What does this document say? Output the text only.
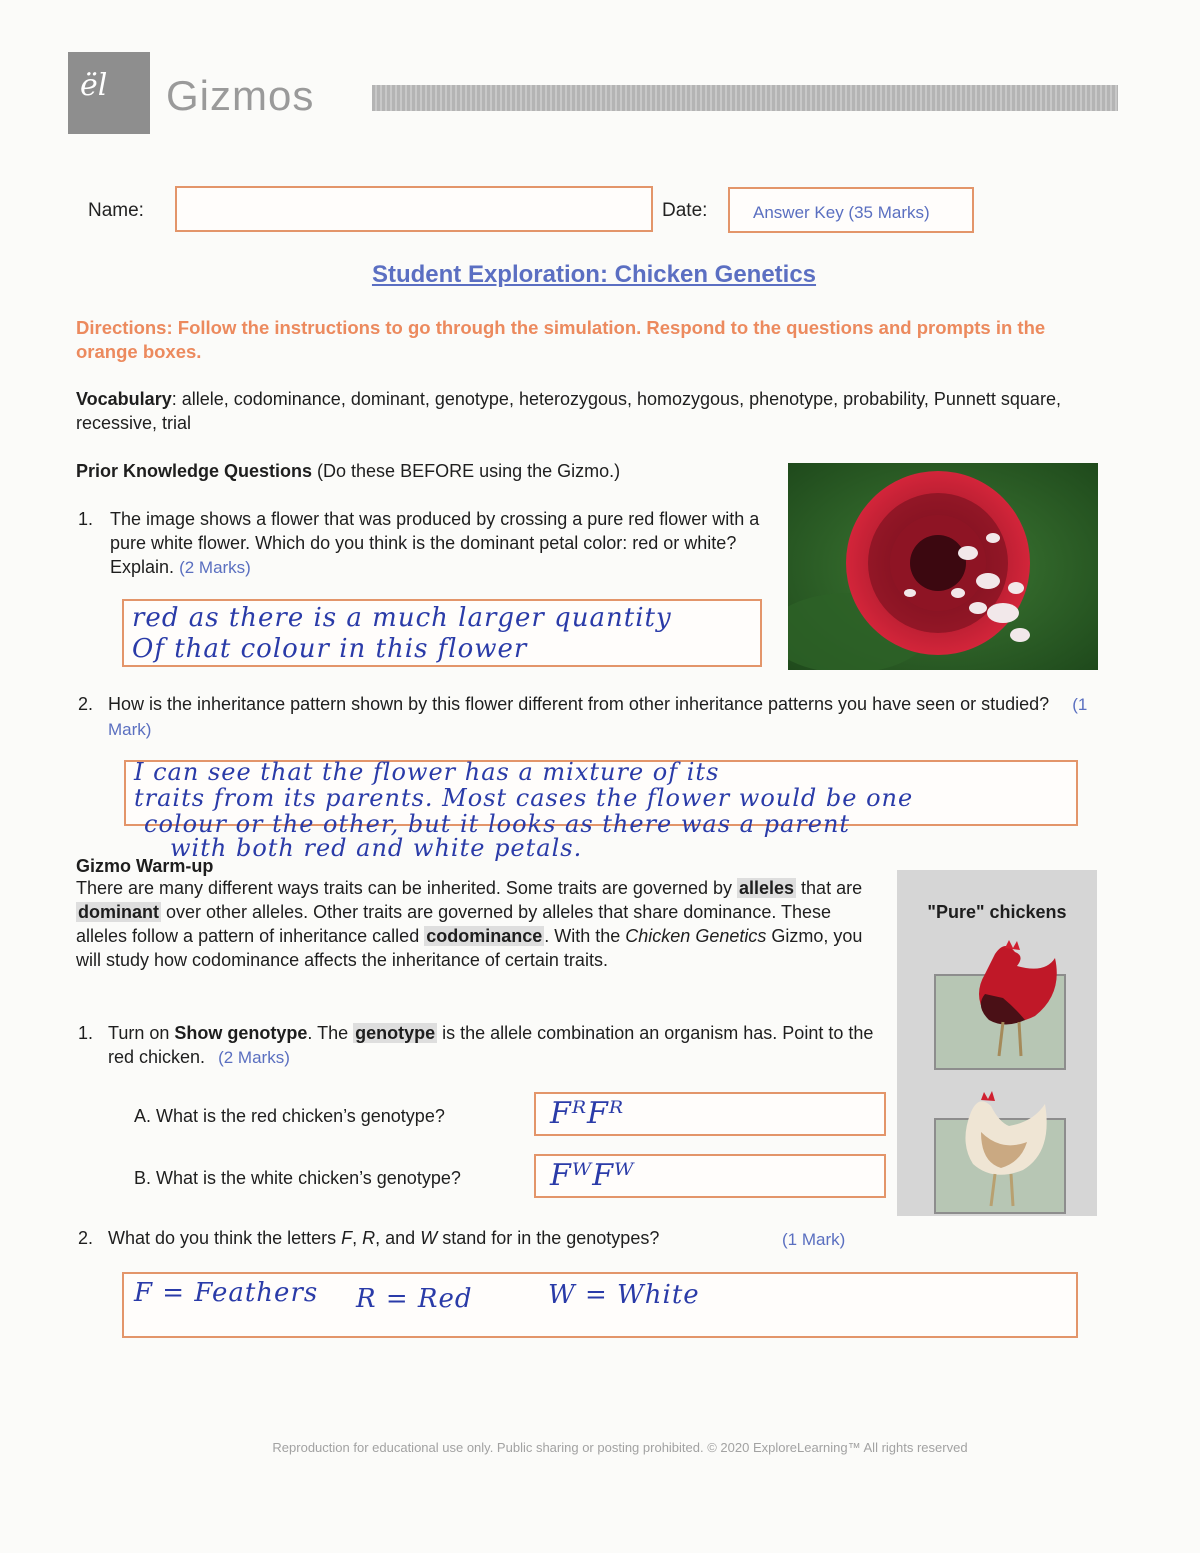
ël Gizmos
Name:	Date:	Answer Key (35 Marks)
Student Exploration: Chicken Genetics
Directions: Follow the instructions to go through the simulation. Respond to the questions and prompts in the orange boxes.
Vocabulary: allele, codominance, dominant, genotype, heterozygous, homozygous, phenotype, probability, Punnett square, recessive, trial
Prior Knowledge Questions (Do these BEFORE using the Gizmo.)
1. The image shows a flower that was produced by crossing a pure red flower with a pure white flower. Which do you think is the dominant petal color: red or white? Explain. (2 Marks)
red as there is a much larger quantity
Of that colour in this flower
2. How is the inheritance pattern shown by this flower different from other inheritance patterns you have seen or studied? (1 Mark)
I can see that the flower has a mixture of its
traits from its parents. Most cases the flower would be one
colour or the other, but it looks as there was a parent
with both red and white petals.
Gizmo Warm-up
There are many different ways traits can be inherited. Some traits are governed by alleles that are dominant over other alleles. Other traits are governed by alleles that share dominance. These alleles follow a pattern of inheritance called codominance . With the Chicken Genetics Gizmo, you will study how codominance affects the inheritance of certain traits.
"Pure" chickens
1. Turn on Show genotype. The genotype is the allele combination an organism has. Point to the red chicken. (2 Marks)
A. What is the red chicken’s genotype?	FᴿFᴿ
B. What is the white chicken’s genotype?	FᵂFᵂ
2. What do you think the letters F, R, and W stand for in the genotypes?	(1 Mark)
F = Feathers R = Red	W = White
Reproduction for educational use only. Public sharing or posting prohibited. © 2020 ExploreLearning™ All rights reserved
